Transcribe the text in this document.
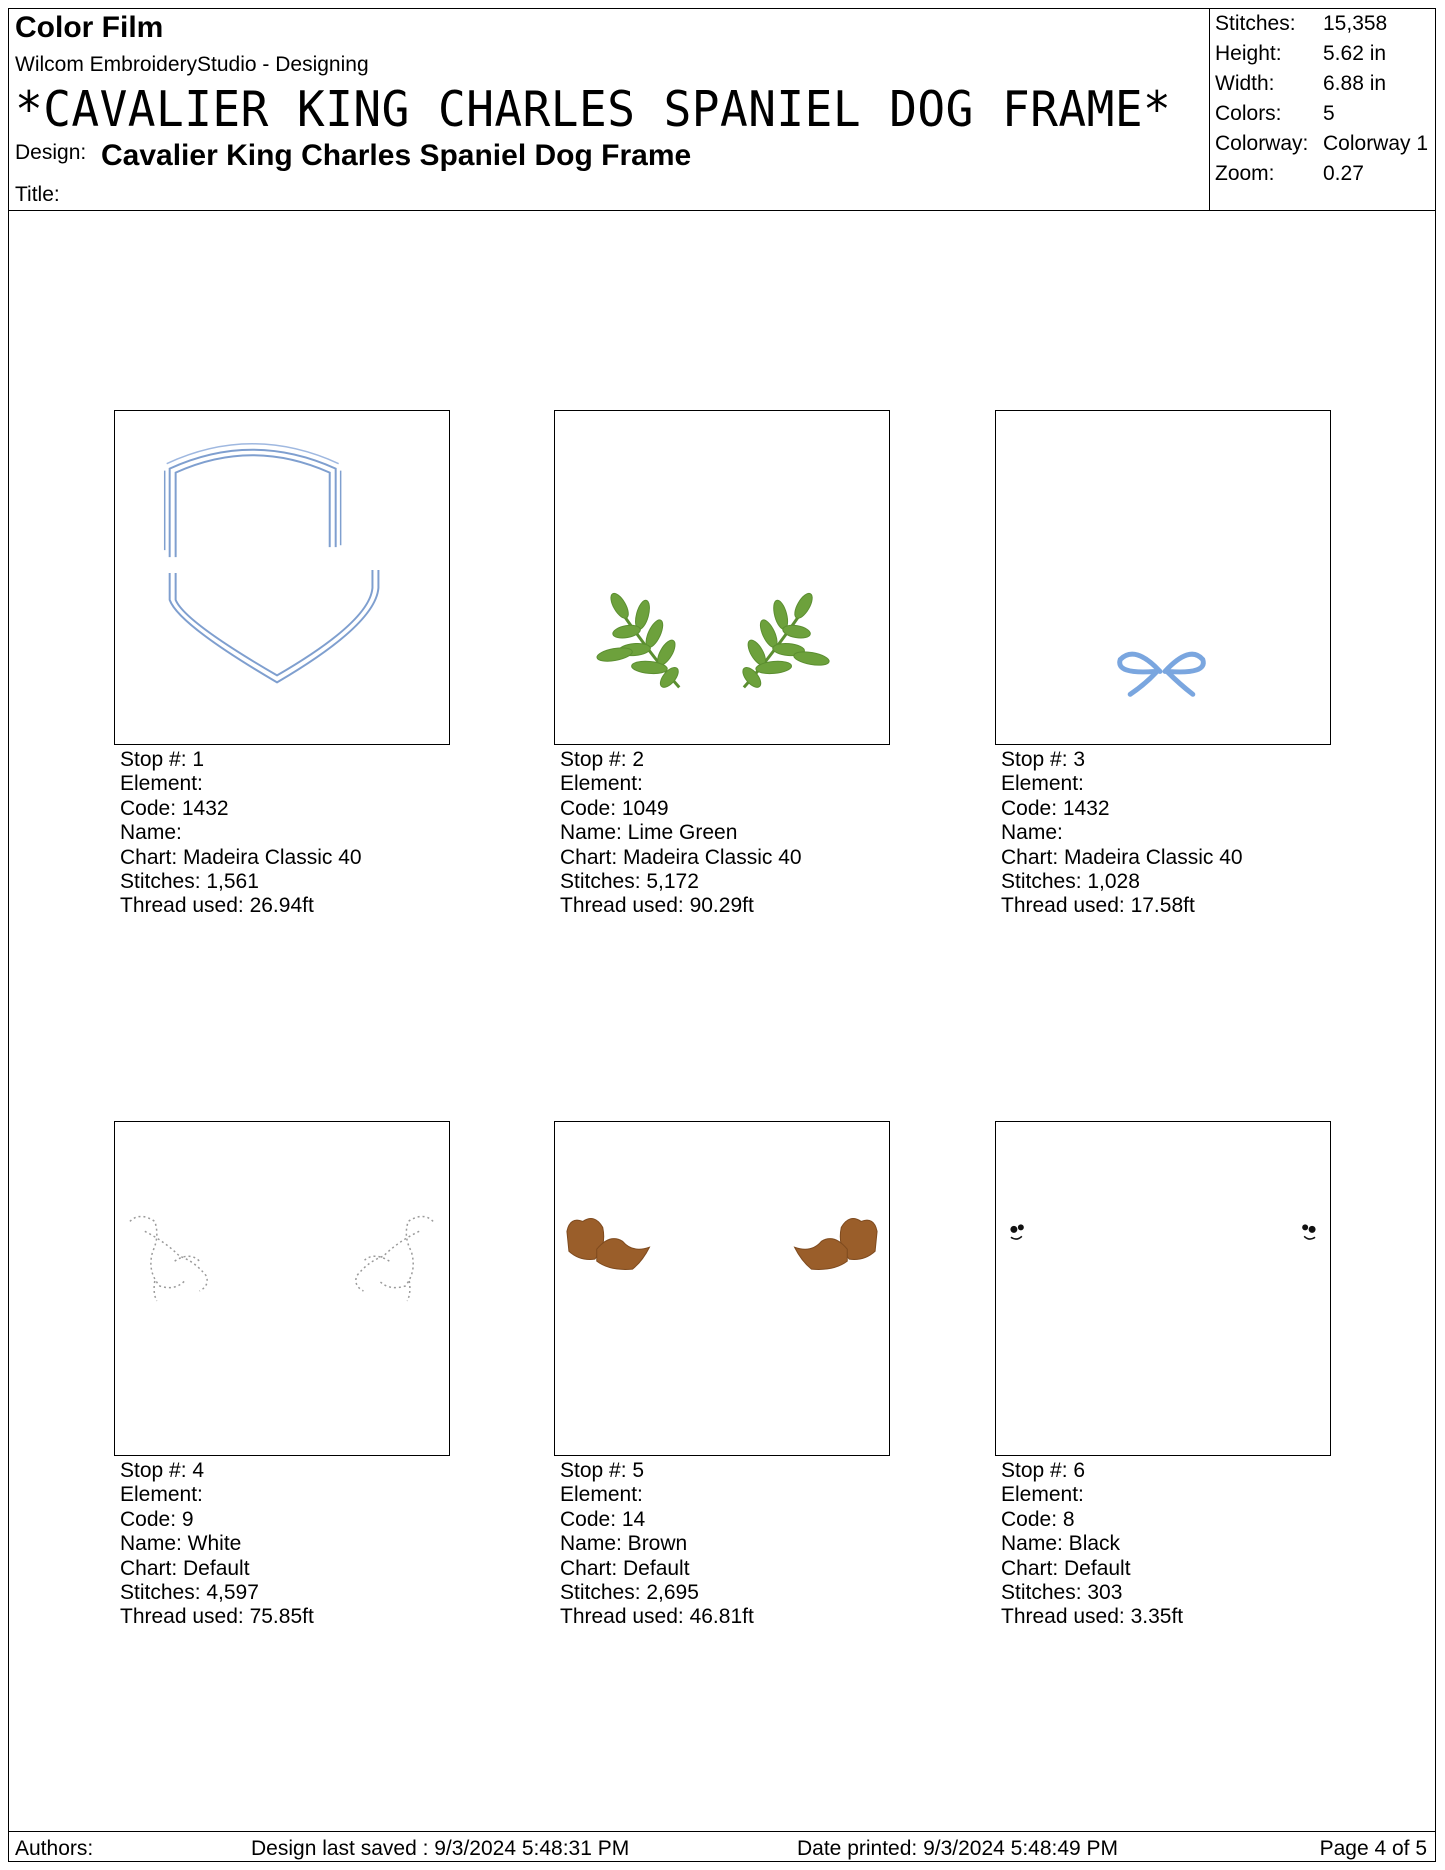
Color Film
Wilcom EmbroideryStudio - Designing
*CAVALIER KING CHARLES SPANIEL DOG FRAME*
Design: Cavalier King Charles Spaniel Dog Frame
Title:
Stitches: 15,358
Height: 5.62 in
Width: 6.88 in
Colors: 5
Colorway: Colorway 1
Zoom: 0.27
Stop #: 1
Element:
Code: 1432
Name:
Chart: Madeira Classic 40
Stitches: 1,561
Thread used: 26.94ft
Stop #: 2
Element:
Code: 1049
Name: Lime Green
Chart: Madeira Classic 40
Stitches: 5,172
Thread used: 90.29ft
Stop #: 3
Element:
Code: 1432
Name:
Chart: Madeira Classic 40
Stitches: 1,028
Thread used: 17.58ft
Stop #: 4
Element:
Code: 9
Name: White
Chart: Default
Stitches: 4,597
Thread used: 75.85ft
Stop #: 5
Element:
Code: 14
Name: Brown
Chart: Default
Stitches: 2,695
Thread used: 46.81ft
Stop #: 6
Element:
Code: 8
Name: Black
Chart: Default
Stitches: 303
Thread used: 3.35ft
Authors:	Design last saved : 9/3/2024 5:48:31 PM	Date printed: 9/3/2024 5:48:49 PM	Page 4 of 5
